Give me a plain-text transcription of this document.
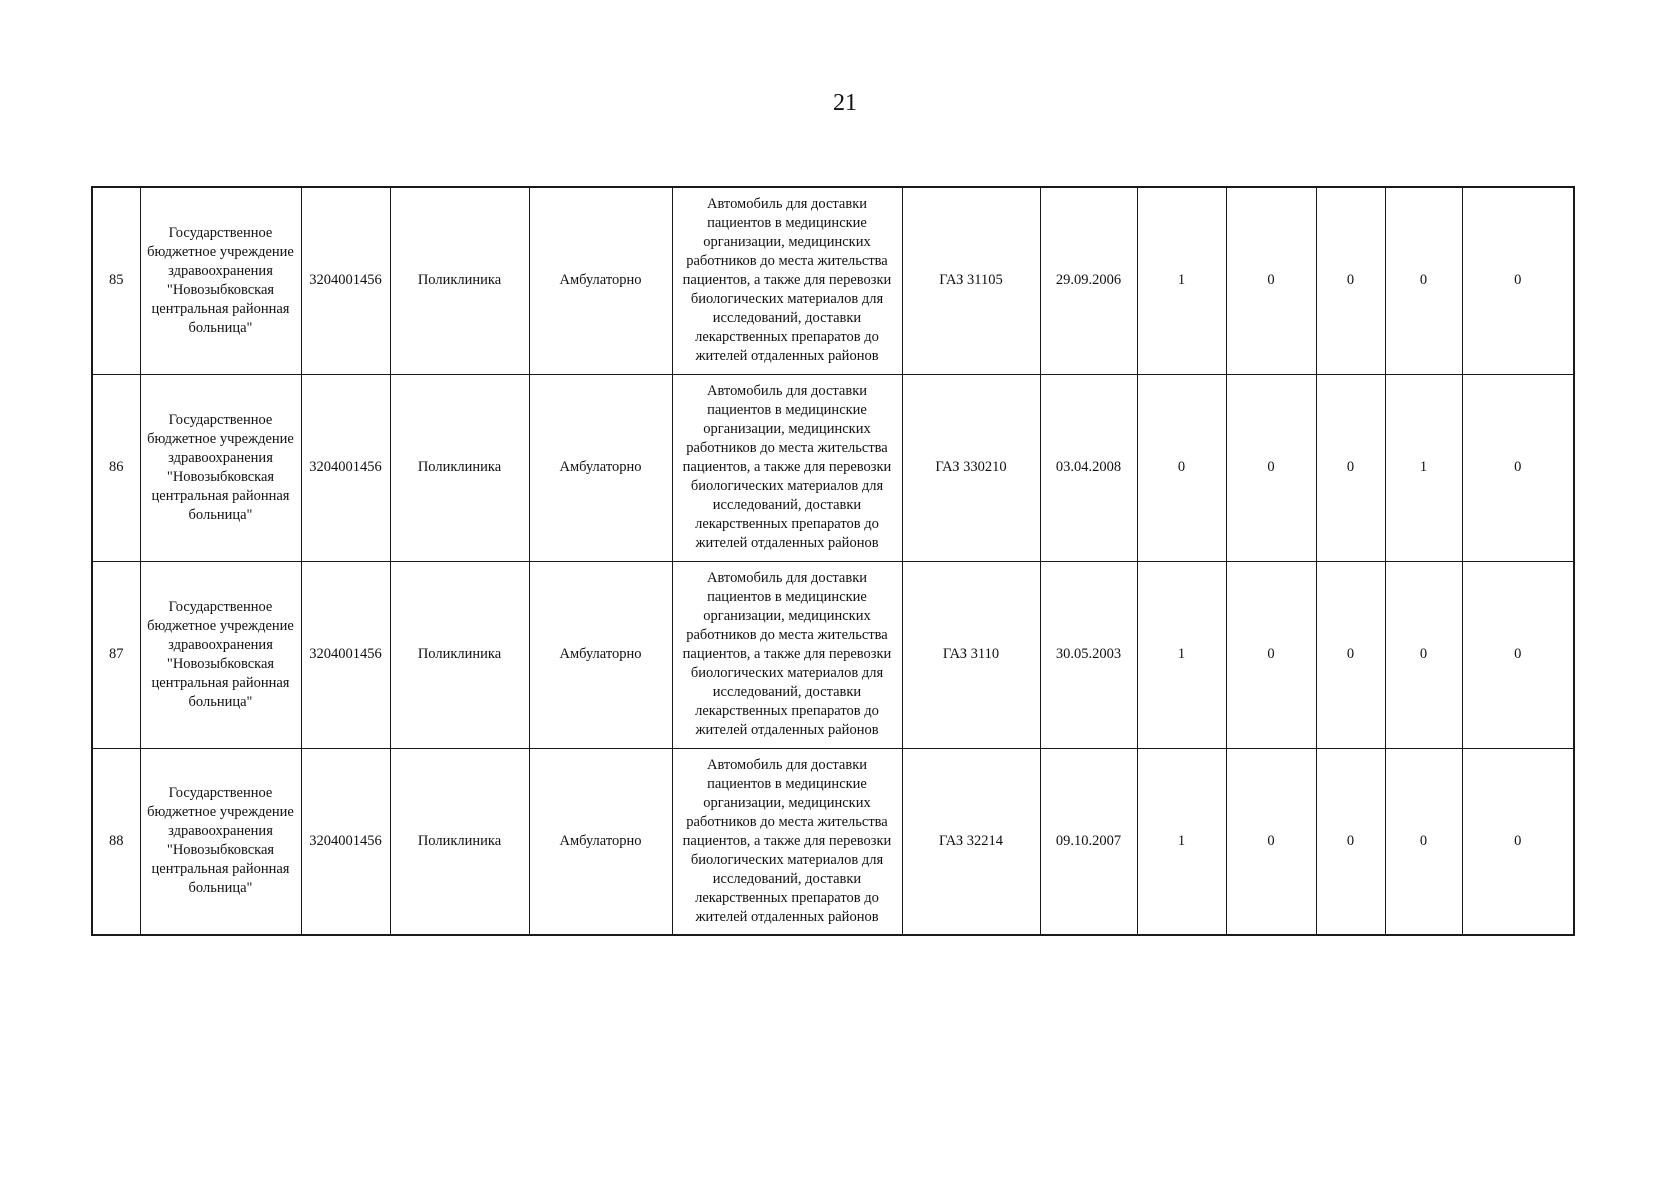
21
85	Государственное бюджетное учреждение здравоохранения "Новозыбковская центральная районная больница"	3204001456	Поликлиника	Амбулаторно	Автомобиль для доставки пациентов в медицинские организации, медицинских работников до места жительства пациентов, а также для перевозки биологических материалов для исследований, доставки лекарственных препаратов до жителей отдаленных районов	ГАЗ 31105	29.09.2006	1	0	0	0	0
86	Государственное бюджетное учреждение здравоохранения "Новозыбковская центральная районная больница"	3204001456	Поликлиника	Амбулаторно	Автомобиль для доставки пациентов в медицинские организации, медицинских работников до места жительства пациентов, а также для перевозки биологических материалов для исследований, доставки лекарственных препаратов до жителей отдаленных районов	ГАЗ 330210	03.04.2008	0	0	0	1	0
87	Государственное бюджетное учреждение здравоохранения "Новозыбковская центральная районная больница"	3204001456	Поликлиника	Амбулаторно	Автомобиль для доставки пациентов в медицинские организации, медицинских работников до места жительства пациентов, а также для перевозки биологических материалов для исследований, доставки лекарственных препаратов до жителей отдаленных районов	ГАЗ 3110	30.05.2003	1	0	0	0	0
88	Государственное бюджетное учреждение здравоохранения "Новозыбковская центральная районная больница"	3204001456	Поликлиника	Амбулаторно	Автомобиль для доставки пациентов в медицинские организации, медицинских работников до места жительства пациентов, а также для перевозки биологических материалов для исследований, доставки лекарственных препаратов до жителей отдаленных районов	ГАЗ 32214	09.10.2007	1	0	0	0	0
